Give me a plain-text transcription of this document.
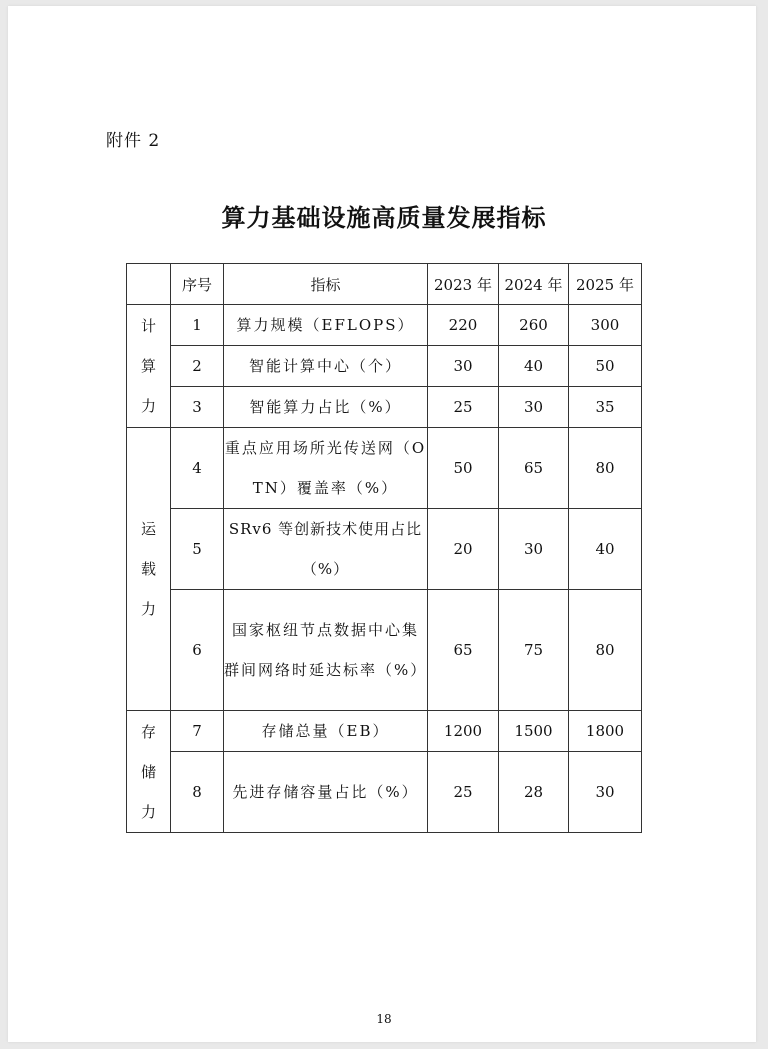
附件 2
算力基础设施高质量发展指标
	序号	指标	2023 年	2024 年	2025 年

计
算
力	1	算力规模（EFLOPS）	220	260	300
	2	智能计算中心（个）	30	40	50
	3	智能算力占比（%）	25	30	35

运
载
力	4	重点应用场所光传送网（OTN）覆盖率（%）	50	65	80
	5	SRv6 等创新技术使用占比（%）	20	30	40
	6	国家枢纽节点数据中心集群间网络时延达标率（%）	65	75	80

存
储
力	7	存储总量（EB）	1200	1500	1800
	8	先进存储容量占比（%）	25	28	30
18
